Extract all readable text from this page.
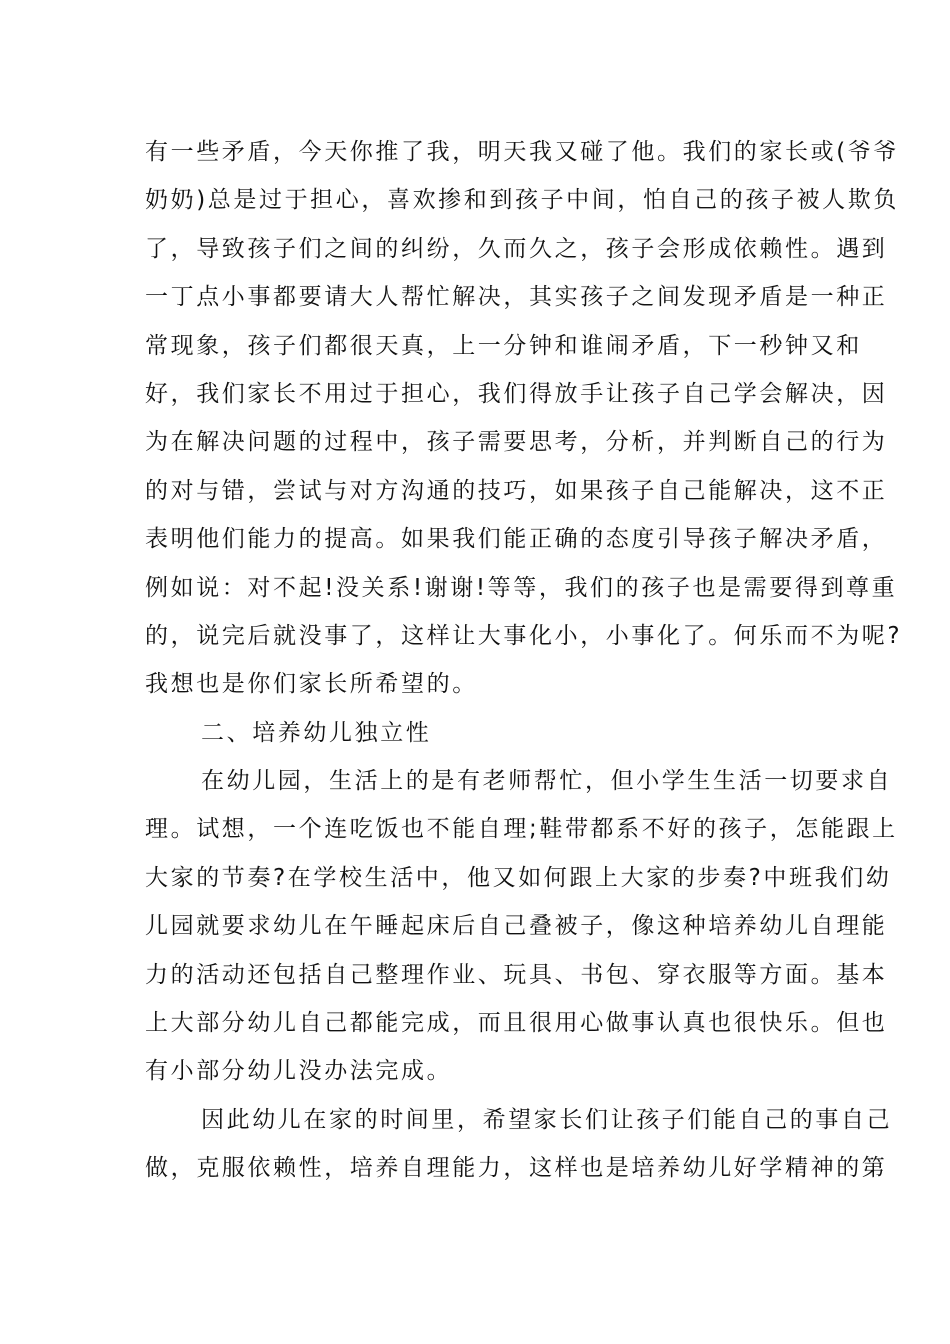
有一些矛盾，今天你推了我，明天我又碰了他。我们的家长或(爷爷
奶奶)总是过于担心，喜欢掺和到孩子中间，怕自己的孩子被人欺负
了，导致孩子们之间的纠纷，久而久之，孩子会形成依赖性。遇到
一丁点小事都要请大人帮忙解决，其实孩子之间发现矛盾是一种正
常现象，孩子们都很天真，上一分钟和谁闹矛盾，下一秒钟又和
好，我们家长不用过于担心，我们得放手让孩子自己学会解决，因
为在解决问题的过程中，孩子需要思考，分析，并判断自己的行为
的对与错，尝试与对方沟通的技巧，如果孩子自己能解决，这不正
表明他们能力的提高。如果我们能正确的态度引导孩子解决矛盾，
例如说：对不起!没关系!谢谢!等等，我们的孩子也是需要得到尊重
的，说完后就没事了，这样让大事化小，小事化了。何乐而不为呢?
我想也是你们家长所希望的。
二、培养幼儿独立性
在幼儿园，生活上的是有老师帮忙，但小学生生活一切要求自
理。试想，一个连吃饭也不能自理;鞋带都系不好的孩子，怎能跟上
大家的节奏?在学校生活中，他又如何跟上大家的步奏?中班我们幼
儿园就要求幼儿在午睡起床后自己叠被子，像这种培养幼儿自理能
力的活动还包括自己整理作业、玩具、书包、穿衣服等方面。基本
上大部分幼儿自己都能完成，而且很用心做事认真也很快乐。但也
有小部分幼儿没办法完成。
因此幼儿在家的时间里，希望家长们让孩子们能自己的事自己
做，克服依赖性，培养自理能力，这样也是培养幼儿好学精神的第
